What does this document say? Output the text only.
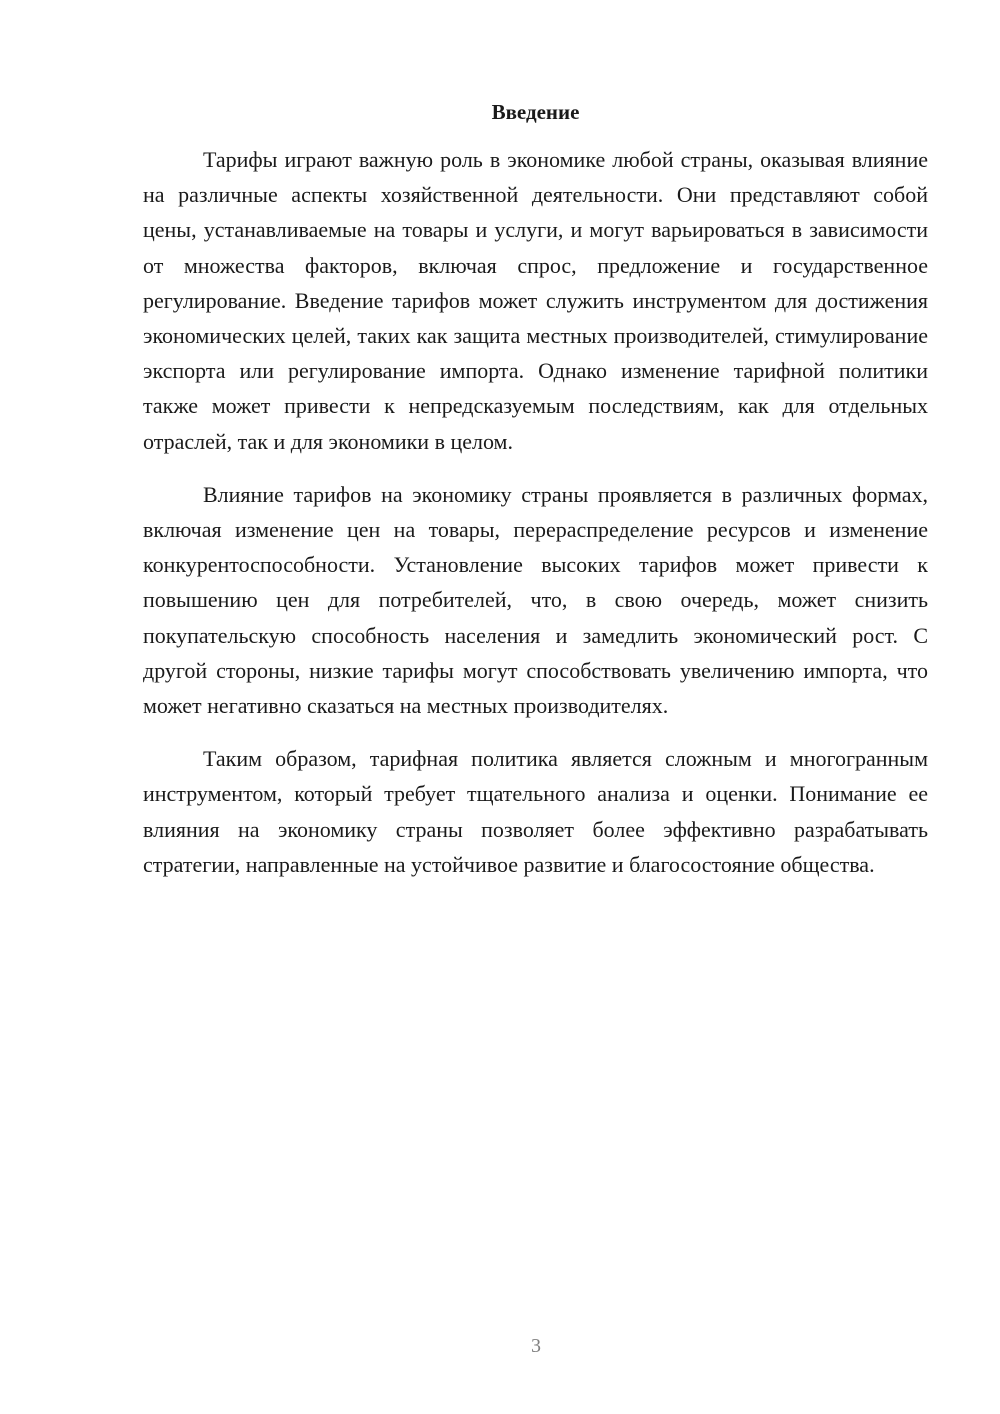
Введение

Тарифы играют важную роль в экономике любой страны, оказывая влияние на различные аспекты хозяйственной деятельности. Они представляют собой цены, устанавливаемые на товары и услуги, и могут варьироваться в зависимости от множества факторов, включая спрос, предложение и государственное регулирование. Введение тарифов может служить инструментом для достижения экономических целей, таких как защита местных производителей, стимулирование экспорта или регулирование импорта. Однако изменение тарифной политики также может привести к непредсказуемым последствиям, как для отдельных отраслей, так и для экономики в целом.

Влияние тарифов на экономику страны проявляется в различных формах, включая изменение цен на товары, перераспределение ресурсов и изменение конкурентоспособности. Установление высоких тарифов может привести к повышению цен для потребителей, что, в свою очередь, может снизить покупательскую способность населения и замедлить экономический рост. С другой стороны, низкие тарифы могут способствовать увеличению импорта, что может негативно сказаться на местных производителях.

Таким образом, тарифная политика является сложным и многогранным инструментом, который требует тщательного анализа и оценки. Понимание ее влияния на экономику страны позволяет более эффективно разрабатывать стратегии, направленные на устойчивое развитие и благосостояние общества.

3
